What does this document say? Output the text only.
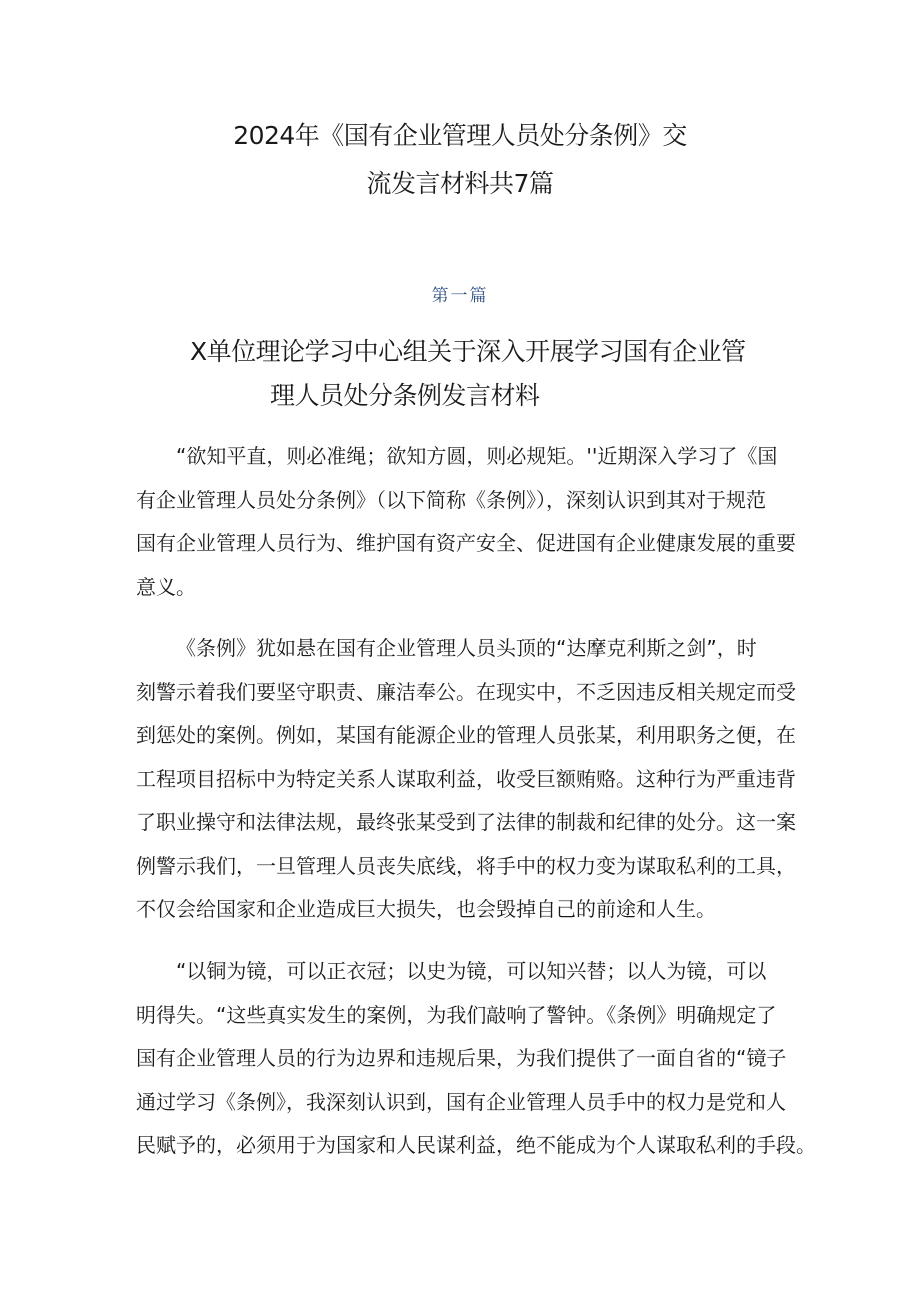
2024年《国有企业管理人员处分条例》交
流发言材料共7篇
第一篇
X单位理论学习中心组关于深入开展学习国有企业管
理人员处分条例发言材料
“欲知平直，则必准绳；欲知方圆，则必规矩。''近期深入学习了《国
有企业管理人员处分条例》（以下简称《条例》），深刻认识到其对于规范
国有企业管理人员行为、维护国有资产安全、促进国有企业健康发展的重要
意义。
《条例》犹如悬在国有企业管理人员头顶的“达摩克利斯之剑”，时
刻警示着我们要坚守职责、廉洁奉公。在现实中，不乏因违反相关规定而受
到惩处的案例。例如，某国有能源企业的管理人员张某，利用职务之便，在
工程项目招标中为特定关系人谋取利益，收受巨额贿赂。这种行为严重违背
了职业操守和法律法规，最终张某受到了法律的制裁和纪律的处分。这一案
例警示我们，一旦管理人员丧失底线，将手中的权力变为谋取私利的工具，
不仅会给国家和企业造成巨大损失，也会毁掉自己的前途和人生。
“以铜为镜，可以正衣冠；以史为镜，可以知兴替；以人为镜，可以
明得失。“这些真实发生的案例，为我们敲响了警钟。《条例》明确规定了
国有企业管理人员的行为边界和违规后果，为我们提供了一面自省的“镜子
通过学习《条例》，我深刻认识到，国有企业管理人员手中的权力是党和人
民赋予的，必须用于为国家和人民谋利益，绝不能成为个人谋取私利的手段。
